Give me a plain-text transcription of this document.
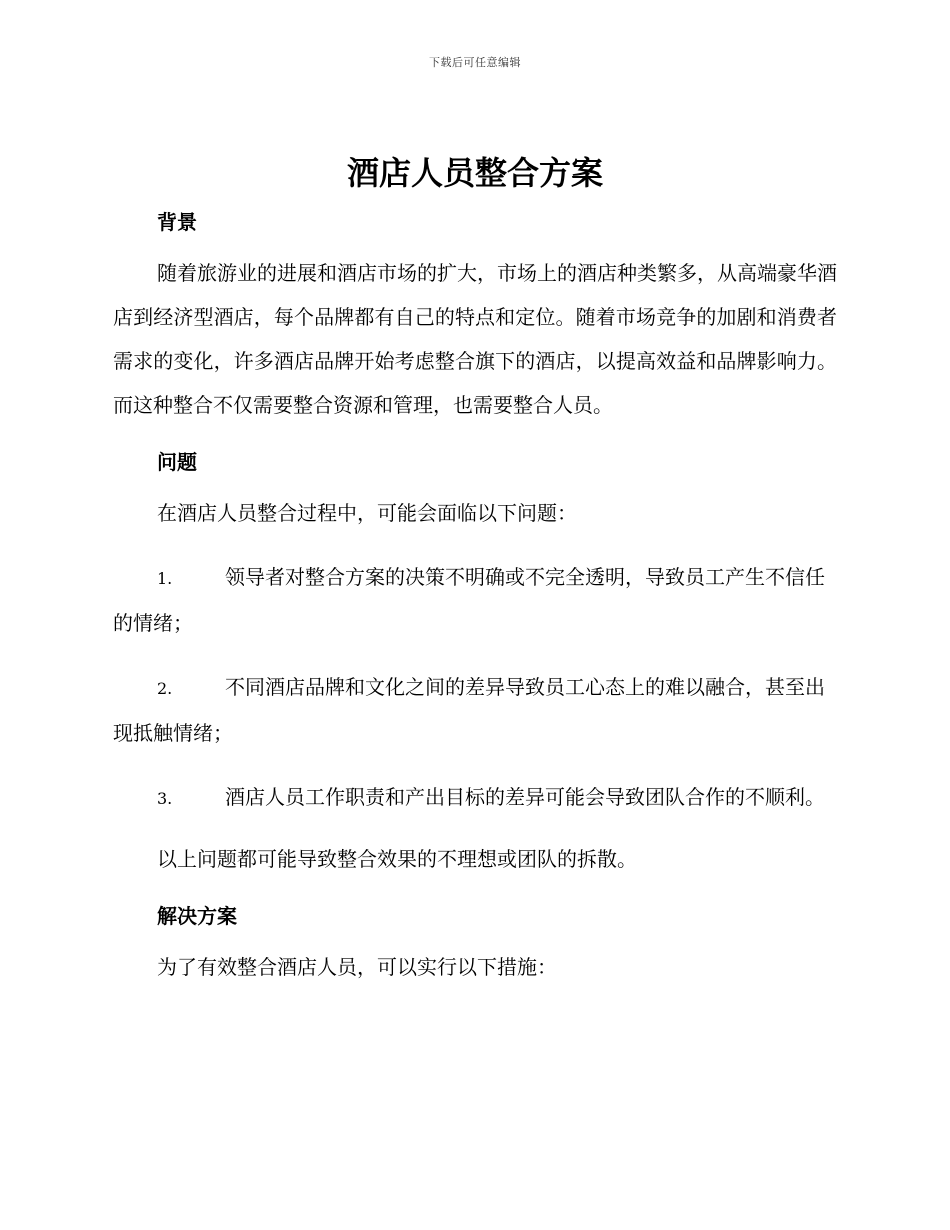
下载后可任意编辑
酒店人员整合方案
背景

随着旅游业的进展和酒店市场的扩大，市场上的酒店种类繁多，从高端豪华酒店到经济型酒店，每个品牌都有自己的特点和定位。随着市场竞争的加剧和消费者需求的变化，许多酒店品牌开始考虑整合旗下的酒店，以提高效益和品牌影响力。而这种整合不仅需要整合资源和管理，也需要整合人员。

问题

在酒店人员整合过程中，可能会面临以下问题：

1.	领导者对整合方案的决策不明确或不完全透明，导致员工产生不信任的情绪；

2.	不同酒店品牌和文化之间的差异导致员工心态上的难以融合，甚至出现抵触情绪；

3.	酒店人员工作职责和产出目标的差异可能会导致团队合作的不顺利。

以上问题都可能导致整合效果的不理想或团队的拆散。

解决方案

为了有效整合酒店人员，可以实行以下措施：
